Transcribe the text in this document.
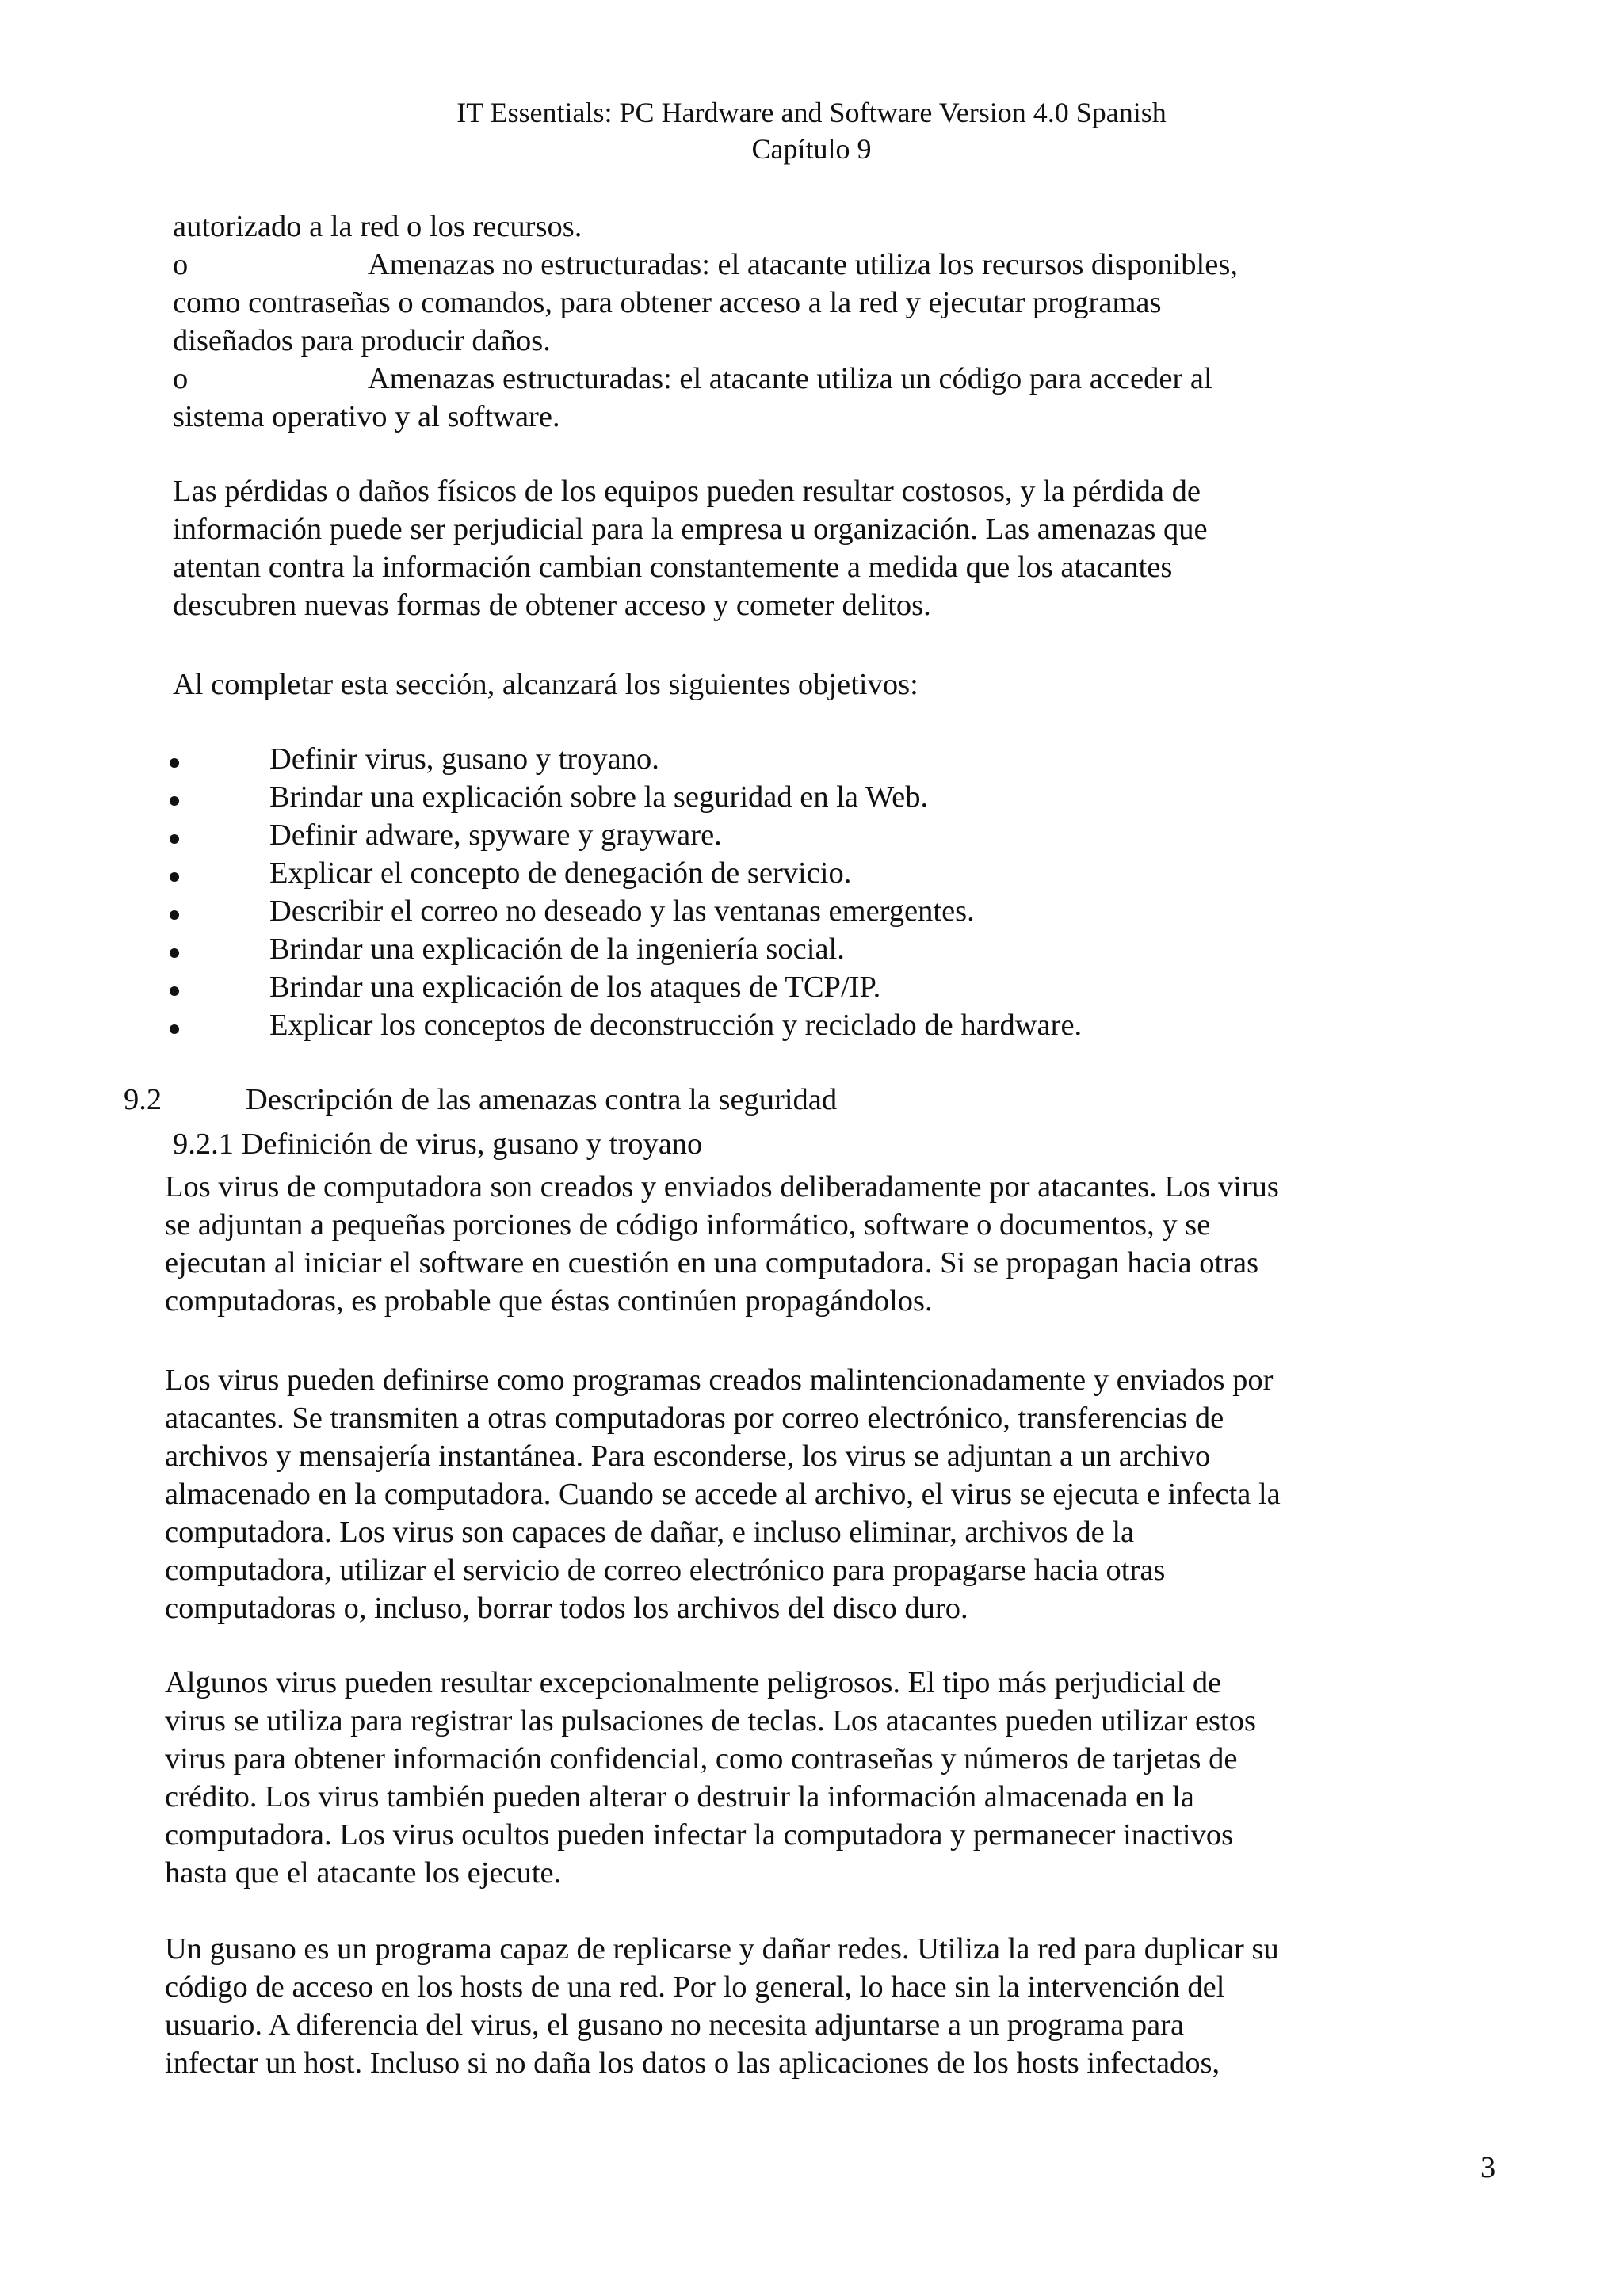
IT Essentials: PC Hardware and Software Version 4.0 Spanish
Capítulo 9
autorizado a la red o los recursos.
o	Amenazas no estructuradas: el atacante utiliza los recursos disponibles,
como contraseñas o comandos, para obtener acceso a la red y ejecutar programas
diseñados para producir daños.
o	Amenazas estructuradas: el atacante utiliza un código para acceder al
sistema operativo y al software.
Las pérdidas o daños físicos de los equipos pueden resultar costosos, y la pérdida de
información puede ser perjudicial para la empresa u organización. Las amenazas que
atentan contra la información cambian constantemente a medida que los atacantes
descubren nuevas formas de obtener acceso y cometer delitos.
Al completar esta sección, alcanzará los siguientes objetivos:
Definir virus, gusano y troyano.
Brindar una explicación sobre la seguridad en la Web.
Definir adware, spyware y grayware.
Explicar el concepto de denegación de servicio.
Describir el correo no deseado y las ventanas emergentes.
Brindar una explicación de la ingeniería social.
Brindar una explicación de los ataques de TCP/IP.
Explicar los conceptos de deconstrucción y reciclado de hardware.
9.2	Descripción de las amenazas contra la seguridad
9.2.1 Definición de virus, gusano y troyano
Los virus de computadora son creados y enviados deliberadamente por atacantes. Los virus
se adjuntan a pequeñas porciones de código informático, software o documentos, y se
ejecutan al iniciar el software en cuestión en una computadora. Si se propagan hacia otras
computadoras, es probable que éstas continúen propagándolos.
Los virus pueden definirse como programas creados malintencionadamente y enviados por
atacantes. Se transmiten a otras computadoras por correo electrónico, transferencias de
archivos y mensajería instantánea. Para esconderse, los virus se adjuntan a un archivo
almacenado en la computadora. Cuando se accede al archivo, el virus se ejecuta e infecta la
computadora. Los virus son capaces de dañar, e incluso eliminar, archivos de la
computadora, utilizar el servicio de correo electrónico para propagarse hacia otras
computadoras o, incluso, borrar todos los archivos del disco duro.
Algunos virus pueden resultar excepcionalmente peligrosos. El tipo más perjudicial de
virus se utiliza para registrar las pulsaciones de teclas. Los atacantes pueden utilizar estos
virus para obtener información confidencial, como contraseñas y números de tarjetas de
crédito. Los virus también pueden alterar o destruir la información almacenada en la
computadora. Los virus ocultos pueden infectar la computadora y permanecer inactivos
hasta que el atacante los ejecute.
Un gusano es un programa capaz de replicarse y dañar redes. Utiliza la red para duplicar su
código de acceso en los hosts de una red. Por lo general, lo hace sin la intervención del
usuario. A diferencia del virus, el gusano no necesita adjuntarse a un programa para
infectar un host. Incluso si no daña los datos o las aplicaciones de los hosts infectados,
3
